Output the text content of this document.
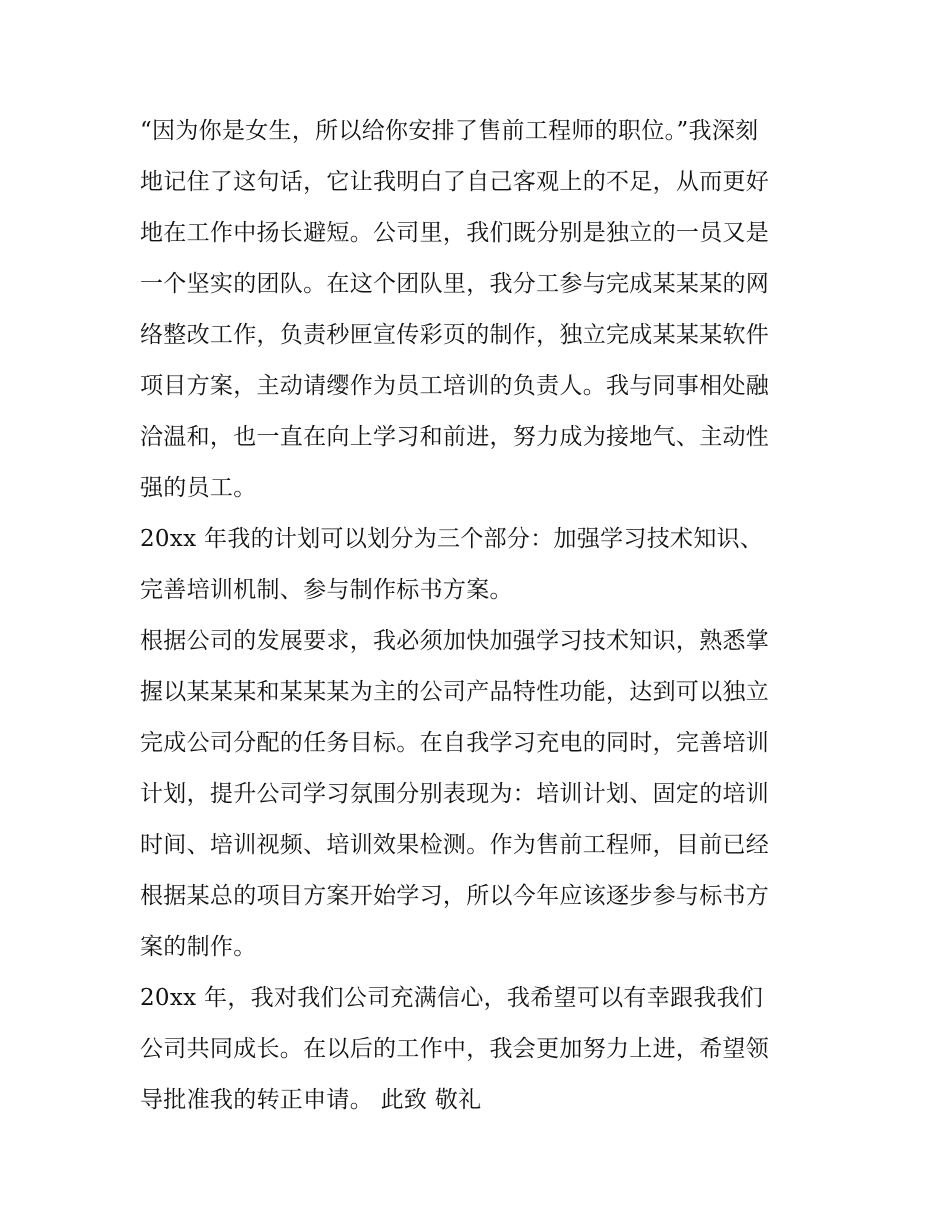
“因为你是女生，所以给你安排了售前工程师的职位。”我深刻
地记住了这句话，它让我明白了自己客观上的不足，从而更好
地在工作中扬长避短。公司里，我们既分别是独立的一员又是
一个坚实的团队。在这个团队里，我分工参与完成某某某的网
络整改工作，负责秒匣宣传彩页的制作，独立完成某某某软件
项目方案，主动请缨作为员工培训的负责人。我与同事相处融
洽温和，也一直在向上学习和前进，努力成为接地气、主动性
强的员工。

20xx 年我的计划可以划分为三个部分：加强学习技术知识、
完善培训机制、参与制作标书方案。

根据公司的发展要求，我必须加快加强学习技术知识，熟悉掌
握以某某某和某某某为主的公司产品特性功能，达到可以独立
完成公司分配的任务目标。在自我学习充电的同时，完善培训
计划，提升公司学习氛围分别表现为：培训计划、固定的培训
时间、培训视频、培训效果检测。作为售前工程师，目前已经
根据某总的项目方案开始学习，所以今年应该逐步参与标书方
案的制作。

20xx 年，我对我们公司充满信心，我希望可以有幸跟我我们
公司共同成长。在以后的工作中，我会更加努力上进，希望领
导批准我的转正申请。 此致 敬礼
